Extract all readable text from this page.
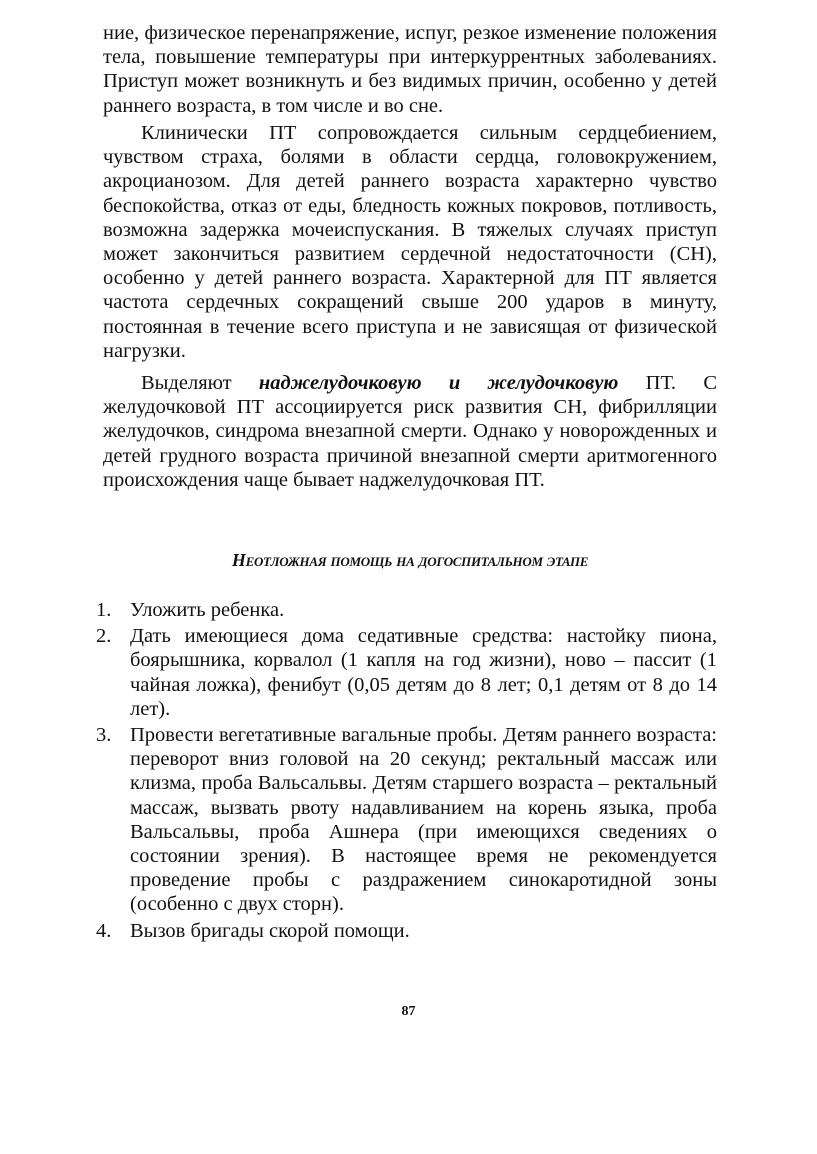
ние, физическое перенапряжение, испуг, резкое изменение положения тела, повышение температуры при интеркуррентных заболеваниях. Приступ может возникнуть и без видимых причин, особенно у детей раннего возраста, в том числе и во сне.

Клинически ПТ сопровождается сильным сердцебиением, чувством страха, болями в области сердца, головокружением, акроцианозом. Для детей раннего возраста характерно чувство беспокойства, отказ от еды, бледность кожных покровов, потливость, возможна задержка мочеиспускания. В тяжелых случаях приступ может закончиться развитием сердечной недостаточности (СН), особенно у детей раннего возраста. Характерной для ПТ является частота сердечных сокращений свыше 200 ударов в минуту, постоянная в течение всего приступа и не зависящая от физической нагрузки.

Выделяют наджелудочковую и желудочковую ПТ. С желудочковой ПТ ассоциируется риск развития СН, фибрилляции желудочков, синдрома внезапной смерти. Однако у новорожденных и детей грудного возраста причиной внезапной смерти аритмогенного происхождения чаще бывает наджелудочковая ПТ.

Неотложная помощь на догоспитальном этапе
1. Уложить ребенка.
2. Дать имеющиеся дома седативные средства: настойку пиона, боярышника, корвалол (1 капля на год жизни), ново – пассит (1 чайная ложка), фенибут (0,05 детям до 8 лет; 0,1 детям от 8 до 14 лет).
3. Провести вегетативные вагальные пробы. Детям раннего возраста: переворот вниз головой на 20 секунд; ректальный массаж или клизма, проба Вальсальвы. Детям старшего возраста – ректальный массаж, вызвать рвоту надавливанием на корень языка, проба Вальсальвы, проба Ашнера (при имеющихся сведениях о состоянии зрения). В настоящее время не рекомендуется проведение пробы с раздражением синокаротидной зоны (особенно с двух сторн).
4. Вызов бригады скорой помощи.
87
